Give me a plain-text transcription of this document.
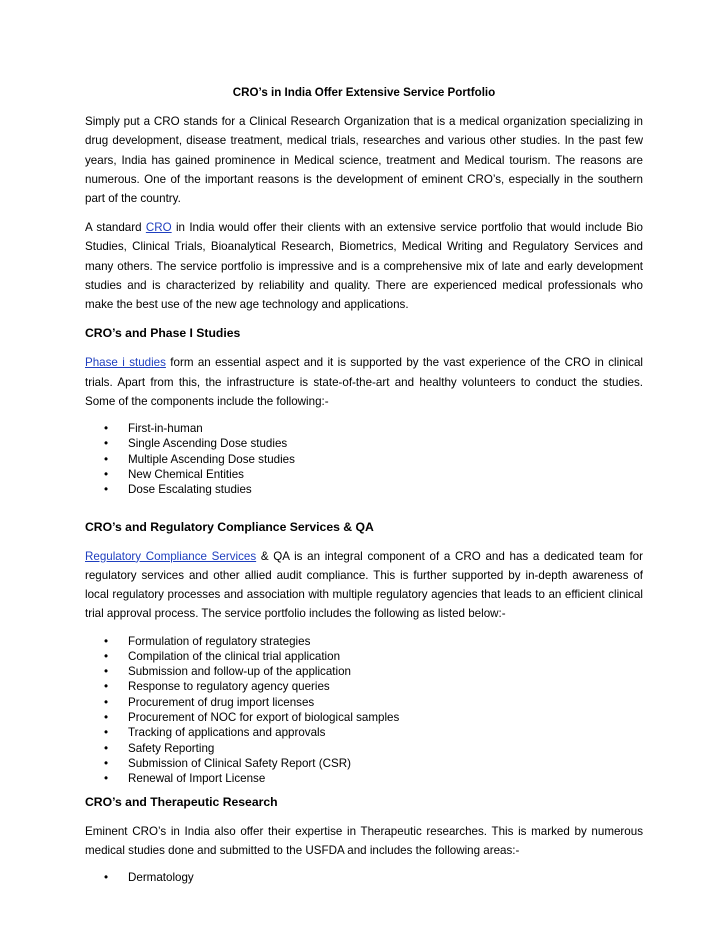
CRO’s in India Offer Extensive Service Portfolio

Simply put a CRO stands for a Clinical Research Organization that is a medical organization specializing in drug development, disease treatment, medical trials, researches and various other studies. In the past few years, India has gained prominence in Medical science, treatment and Medical tourism. The reasons are numerous. One of the important reasons is the development of eminent CRO’s, especially in the southern part of the country.

A standard CRO in India would offer their clients with an extensive service portfolio that would include Bio Studies, Clinical Trials, Bioanalytical Research, Biometrics, Medical Writing and Regulatory Services and many others. The service portfolio is impressive and is a comprehensive mix of late and early development studies and is characterized by reliability and quality. There are experienced medical professionals who make the best use of the new age technology and applications.

CRO’s and Phase I Studies

Phase i studies form an essential aspect and it is supported by the vast experience of the CRO in clinical trials. Apart from this, the infrastructure is state-of-the-art and healthy volunteers to conduct the studies. Some of the components include the following:-

• First-in-human
• Single Ascending Dose studies
• Multiple Ascending Dose studies
• New Chemical Entities
• Dose Escalating studies
CRO’s and Regulatory Compliance Services & QA

Regulatory Compliance Services & QA is an integral component of a CRO and has a dedicated team for regulatory services and other allied audit compliance. This is further supported by in-depth awareness of local regulatory processes and association with multiple regulatory agencies that leads to an efficient clinical trial approval process. The service portfolio includes the following as listed below:-

• Formulation of regulatory strategies
• Compilation of the clinical trial application
• Submission and follow-up of the application
• Response to regulatory agency queries
• Procurement of drug import licenses
• Procurement of NOC for export of biological samples
• Tracking of applications and approvals
• Safety Reporting
• Submission of Clinical Safety Report (CSR)
• Renewal of Import License
CRO’s and Therapeutic Research

Eminent CRO’s in India also offer their expertise in Therapeutic researches. This is marked by numerous medical studies done and submitted to the USFDA and includes the following areas:-

• Dermatology
